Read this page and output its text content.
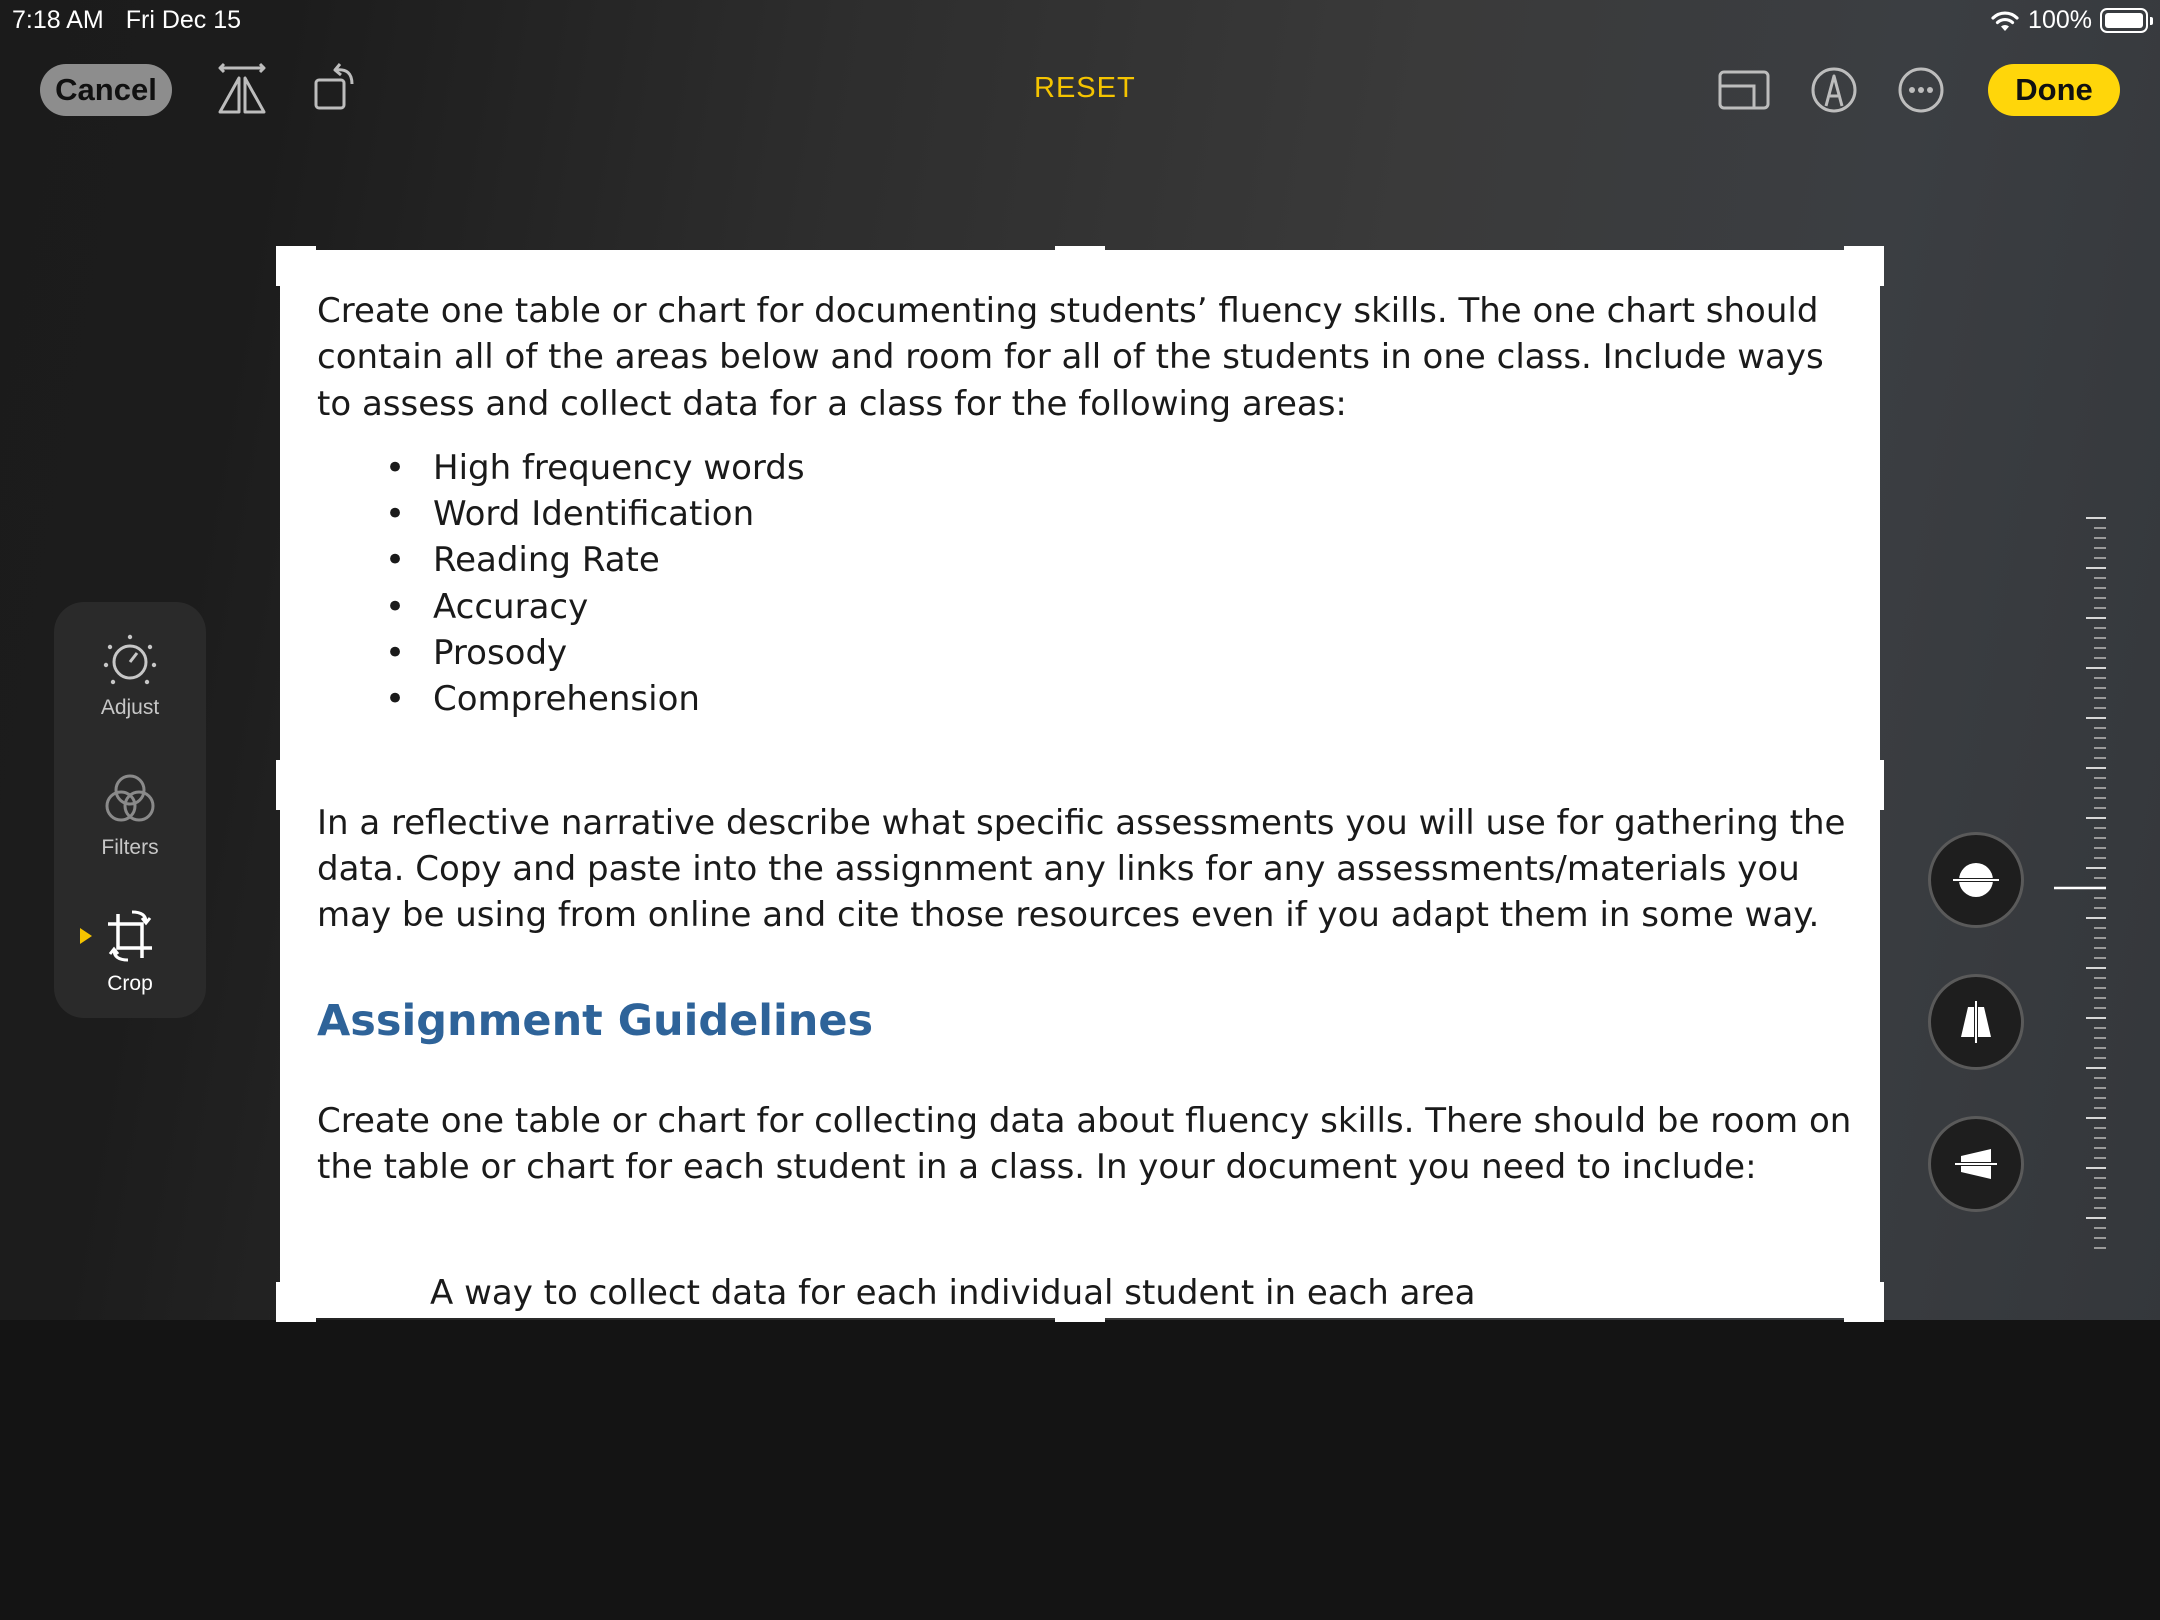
7:18 AM Fri Dec 15	100%
Cancel	RESET	Done
Adjust
Filters
Crop

Create one table or chart for documenting students’ fluency skills. The one chart should contain all of the areas below and room for all of the students in one class. Include ways to assess and collect data for a class for the following areas:

• High frequency words
• Word Identification
• Reading Rate
• Accuracy
• Prosody
• Comprehension

In a reflective narrative describe what specific assessments you will use for gathering the data. Copy and paste into the assignment any links for any assessments/materials you may be using from online and cite those resources even if you adapt them in some way.

Assignment Guidelines

Create one table or chart for collecting data about fluency skills. There should be room on the table or chart for each student in a class. In your document you need to include:

A way to collect data for each individual student in each area
